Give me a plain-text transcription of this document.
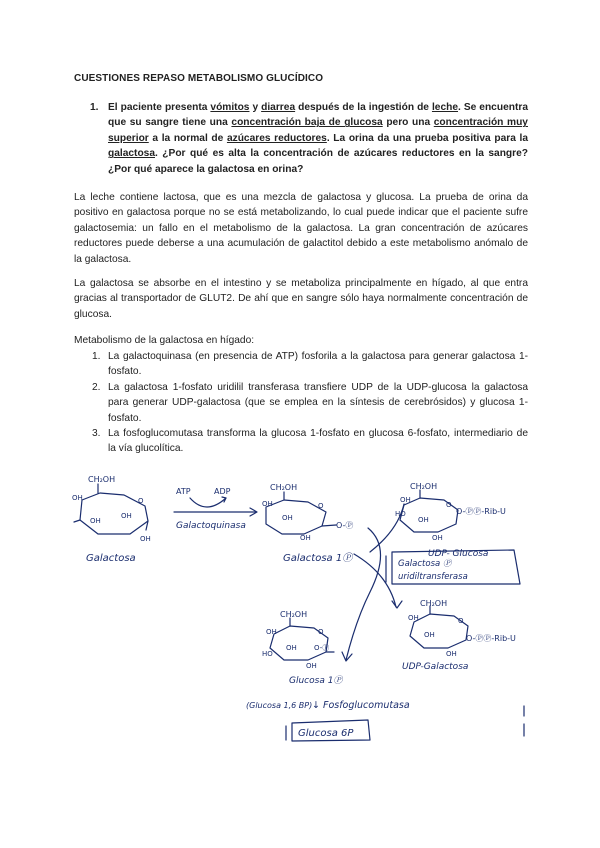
CUESTIONES REPASO METABOLISMO GLUCÍDICO
1. El paciente presenta vómitos y diarrea después de la ingestión de leche. Se encuentra que su sangre tiene una concentración baja de glucosa pero una concentración muy superior a la normal de azúcares reductores. La orina da una prueba positiva para la galactosa. ¿Por qué es alta la concentración de azúcares reductores en la sangre? ¿Por qué aparece la galactosa en orina?
La leche contiene lactosa, que es una mezcla de galactosa y glucosa. La prueba de orina da positivo en galactosa porque no se está metabolizando, lo cual puede indicar que el paciente sufre galactosemia: un fallo en el metabolismo de la galactosa. La gran concentración de azúcares reductores puede deberse a una acumulación de galactitol debido a este metabolismo anómalo de la galactosa.
La galactosa se absorbe en el intestino y se metaboliza principalmente en hígado, al que entra gracias al transportador de GLUT2. De ahí que en sangre sólo haya normalmente concentración de glucosa.
Metabolismo de la galactosa en hígado:
1. La galactoquinasa (en presencia de ATP) fosforila a la galactosa para generar galactosa 1-fosfato.
2. La galactosa 1-fosfato uridilil transferasa transfiere UDP de la UDP-glucosa la galactosa para generar UDP-galactosa (que se emplea en la síntesis de cerebrósidos) y glucosa 1-fosfato.
3. La fosfoglucomutasa transforma la glucosa 1-fosfato en glucosa 6-fosfato, intermediario de la vía glucolítica.
CH₂OH
OH
OH
OH
OH
O
Galactosa
ATP	ADP
Galactoquinasa
CH₂OH
OH
OH
OH
O
O-Ⓟ
Galactosa 1Ⓟ
CH₂OH
OH
HO
OH
OH
O
O-ⓅⓅ-Rib-U
UDP- Glucosa
Galactosa Ⓟ
uridiltransferasa
CH₂OH
OH
OH
OH
O
O-ⓅⓅ-Rib-U
UDP-Galactosa
CH₂OH
OH
HO
OH
OH
O
O-Ⓟ
Glucosa 1Ⓟ
(Glucosa 1,6 BP) ↓ Fosfoglucomutasa
Glucosa 6P
